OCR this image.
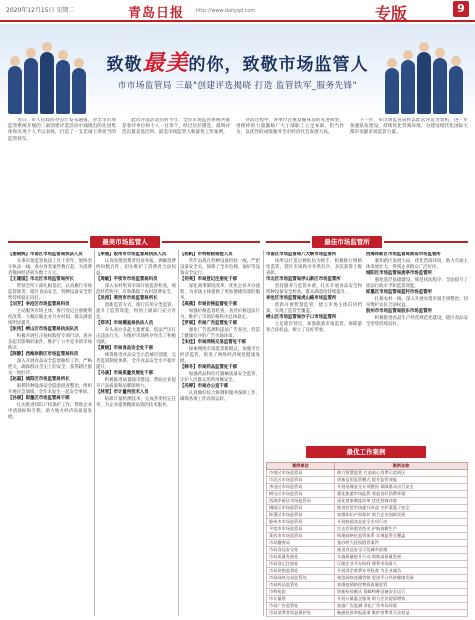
2020年12月15日 星期二	青岛日报 http://www.dailyqd.com	专版	9
致敬最美的你，致敬市场监管人
市市场监管局 三最"创建评选揭晓 打造 监管铁军_服务先锋"

近日，市人民政府办公厅发布通报，对全市市场监管系统开展的三最创建评选活动中涌现出的先进集体和先进个人予以表扬，打造了一支忠诚干净担当的监管铁军。

此次评选活动历时半年，全市市场监管系统共推荐参评单位和个人一百余个，经过层层遴选，最终评选出最美基层所、最美市场监管人和最优工作案例。

评选过程中，各单位注重发掘身边的先进典型，用榜样的力量激励广大干部职工立足本职、担当作为，以优异的成绩服务全市经济社会发展大局。

下一步，市市场监管局将以此次评选为契机，进一步加强队伍建设，持续优化营商环境，为建设现代化国际大都市贡献市场监管力量。

最美市场监管人	最佳市场监管所

【姜晓辉】市南区市场监管局执法人员

从事市场监管执法工作十余年，始终坚守执法一线，查办各类案件数百起，为消费者挽回经济损失数十万元。

【王建国】市北区市场监管局所长

带领全所干部扎根基层，认真履行市场监管职责，辖区食品安全、特种设备安全形势持续稳定向好。

【刘芳】李沧区市场监管局科员

主动服务市场主体，推行登记注册便利化改革，大幅压缩企业开办时间，群众满意度明显提升。

【张伟】崂山区市场监管局执法队员

积极开展打击侵权假冒专项行动，查办多起有影响的案件，维护了公平竞争的市场秩序。

【陈静】西海岸新区市场监管局科员

深入开展食品安全监督抽检工作，严格把关，确保群众舌尖上的安全，获得辖区群众一致好评。

【赵磊】城阳区市场监管局所长

狠抓特种设备安全隐患排查整治，组织开展应急演练，全年未发生一起安全事故。

【孙丽】即墨区市场监管局干部

扎实推进知识产权保护工作，帮助企业申请商标和专利，助力地方经济高质量发展。

【李强】胶州市市场监管局执法人员

认真处理消费者投诉举报，调解消费纠纷数百件，切实维护了消费者合法权益。

【周敏】平度市市场监管局科员

深入农村集贸市场开展监督检查，规范经营秩序，有效保障了农村消费安全。

【吴涛】莱西市市场监管局所长

创新监管方式，推行信用分类监管，提升了监管效能，得到上级部门充分肯定。

【郑华】市局稽查局执法人员

牵头查办多起大案要案，依法严厉打击违法行为，为维护市场秩序作出了积极贡献。

【黄晓】市局食品安全处干部

统筹推进食品安全示范城市创建，完善监管制度体系，全市食品安全水平稳步提升。

【马骏】市局质量发展处干部

积极推进质量强市建设，帮助企业提升产品质量和品牌影响力。

【林雪】市计量所技术人员

钻研计量检测技术，完成各类检定任务，为企业提供精准高效的技术服务。

【杨帆】市特检院检验人员

常年奋战在特种设备检验一线，严把设备安全关，保障了全市电梯、锅炉等设备安全运行。

【何亮】市局登记注册处干部

深化商事制度改革，优化企业开办流程，为市场主体提供了更加便捷高效的服务。

【高燕】市局价格监督处干部

加强价格监督检查，查处价格违法行为，维护了市场价格秩序总体稳定。

【罗斌】市局广告监管处干部

强化广告监测和违法广告查处，营造了健康有序的广告市场环境。

【宋佳】市局网络交易监管处干部

探索网络市场监管新模式，加强平台经济监管，促进了网络经济规范健康发展。

【韩冬】市局药品监管处干部

加强药品和医疗器械质量安全监管，守护人民群众用药用械安全。

【冯婷】市局办公室干部

认真做好综合协调和服务保障工作，确保各项工作高效运转。

市南区市场监管局八大峡市场监管所

该所以打造过硬队伍为抓手，积极推行网格化监管，辖区市场秩序井然有序，多次获得上级表彰。

市北区市场监管局浮山新区市场监管所

坚持服务与监管并重，扎实开展食品安全和特种设备安全检查，群众满意度持续提升。

李沧区市场监管局虎山路市场监管所

创新开展智慧监管，建立市场主体信用档案，实现了监管全覆盖。

崂山区市场监管局沙子口市场监管所

立足辖区特点，加强旅游市场监管，保障游客合法权益，树立了良好形象。

西海岸新区市场监管局黄岛市场监管所

紧扣新区发展大局，优化营商环境，助力市场主体发展壮大，得到企业群众广泛好评。

城阳区市场监管局流亭市场监管所

强化基层基础建设，规范执法程序，全面提升了依法行政水平和监管效能。

即墨区市场监管局蓝村市场监管所

扎根农村一线，深入开展农资市场专项整治，切实维护农民合法权益。

胶州市市场监管局胶东市场监管所

积极推进食品生产经营规范化建设，辖区食品安全形势持续向好。

最优工作案例
案例单位	案例名称
市南区市场监管局	推行智慧监管 打造放心消费示范街区
市北区市场监管局	创新信用监管模式 提升监管效能
李沧区市场监管局	开展电梯安全专项整治 保障群众出行安全
崂山区市场监管局	强化旅游市场监管 营造良好消费环境
西海岸新区市场监管局	深化商事制度改革 优化营商环境
城阳区市场监管局	推进农贸市场提升改造 守护菜篮子安全
即墨区市场监管局	加强知识产权保护 助力企业创新发展
胶州市市场监管局	开展校园食品安全专项行动
平度市市场监管局	打击农资假冒伪劣 护航春耕生产
莱西市市场监管局	构建网格化监管体系 实现监管全覆盖
市局稽查局	查办特大侵权假冒案件
市局食品安全处	推进食品安全示范城市创建
市局质量发展处	实施质量提升行动 助推高质量发展
市局登记注册处	压缩企业开办时间 便利市场准入
市局价格监督处	开展涉企收费专项检查 为企业减负
市局网络交易监管处	规范网络直播营销 促进平台经济健康发展
市局药品监管处	加强疫情防控物资质量监管
市特检院	创新检验模式 保障特种设备安全运行
市计量所	开展计量惠企服务 助力企业提质增效
市局广告监管处	加强广告监测 净化广告市场环境
市局消费者权益保护处	畅通投诉举报渠道 维护消费者合法权益
